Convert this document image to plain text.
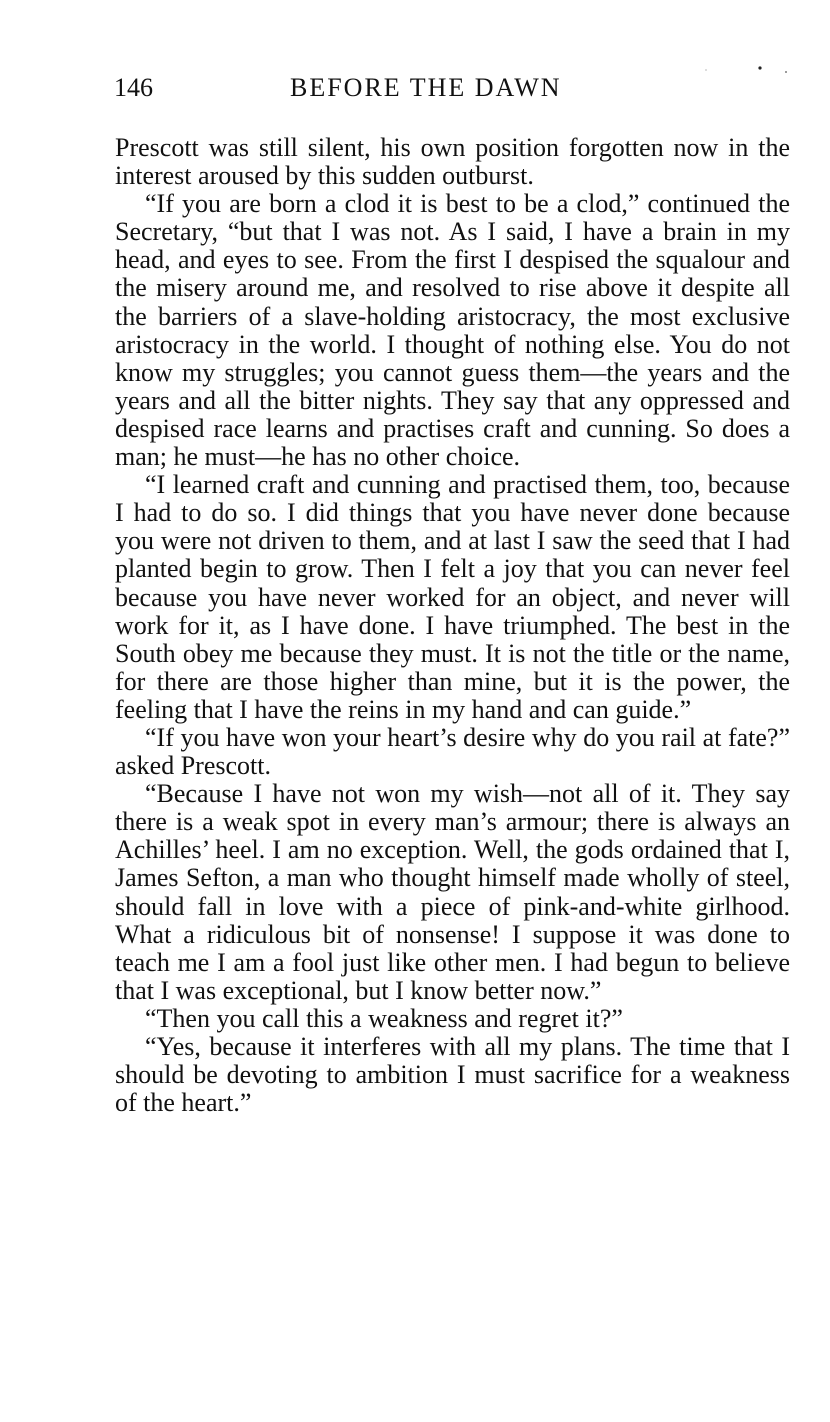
146	BEFORE THE DAWN

Prescott was still silent, his own position forgotten now in the interest aroused by this sudden outburst.

“If you are born a clod it is best to be a clod,” continued the Secretary, “but that I was not. As I said, I have a brain in my head, and eyes to see. From the first I despised the squalour and the misery around me, and resolved to rise above it despite all the barriers of a slave-holding aristocracy, the most exclusive aristocracy in the world. I thought of nothing else. You do not know my struggles; you cannot guess them—the years and the years and all the bitter nights. They say that any oppressed and despised race learns and practises craft and cunning. So does a man; he must—he has no other choice.

“I learned craft and cunning and practised them, too, because I had to do so. I did things that you have never done because you were not driven to them, and at last I saw the seed that I had planted begin to grow. Then I felt a joy that you can never feel because you have never worked for an object, and never will work for it, as I have done. I have triumphed. The best in the South obey me because they must. It is not the title or the name, for there are those higher than mine, but it is the power, the feeling that I have the reins in my hand and can guide.”

“If you have won your heart’s desire why do you rail at fate?” asked Prescott.

“Because I have not won my wish—not all of it. They say there is a weak spot in every man’s armour; there is always an Achilles’ heel. I am no exception. Well, the gods ordained that I, James Sefton, a man who thought himself made wholly of steel, should fall in love with a piece of pink-and-white girlhood. What a ridiculous bit of nonsense! I suppose it was done to teach me I am a fool just like other men. I had begun to believe that I was exceptional, but I know better now.”

“Then you call this a weakness and regret it?”

“Yes, because it interferes with all my plans. The time that I should be devoting to ambition I must sacrifice for a weakness of the heart.”
